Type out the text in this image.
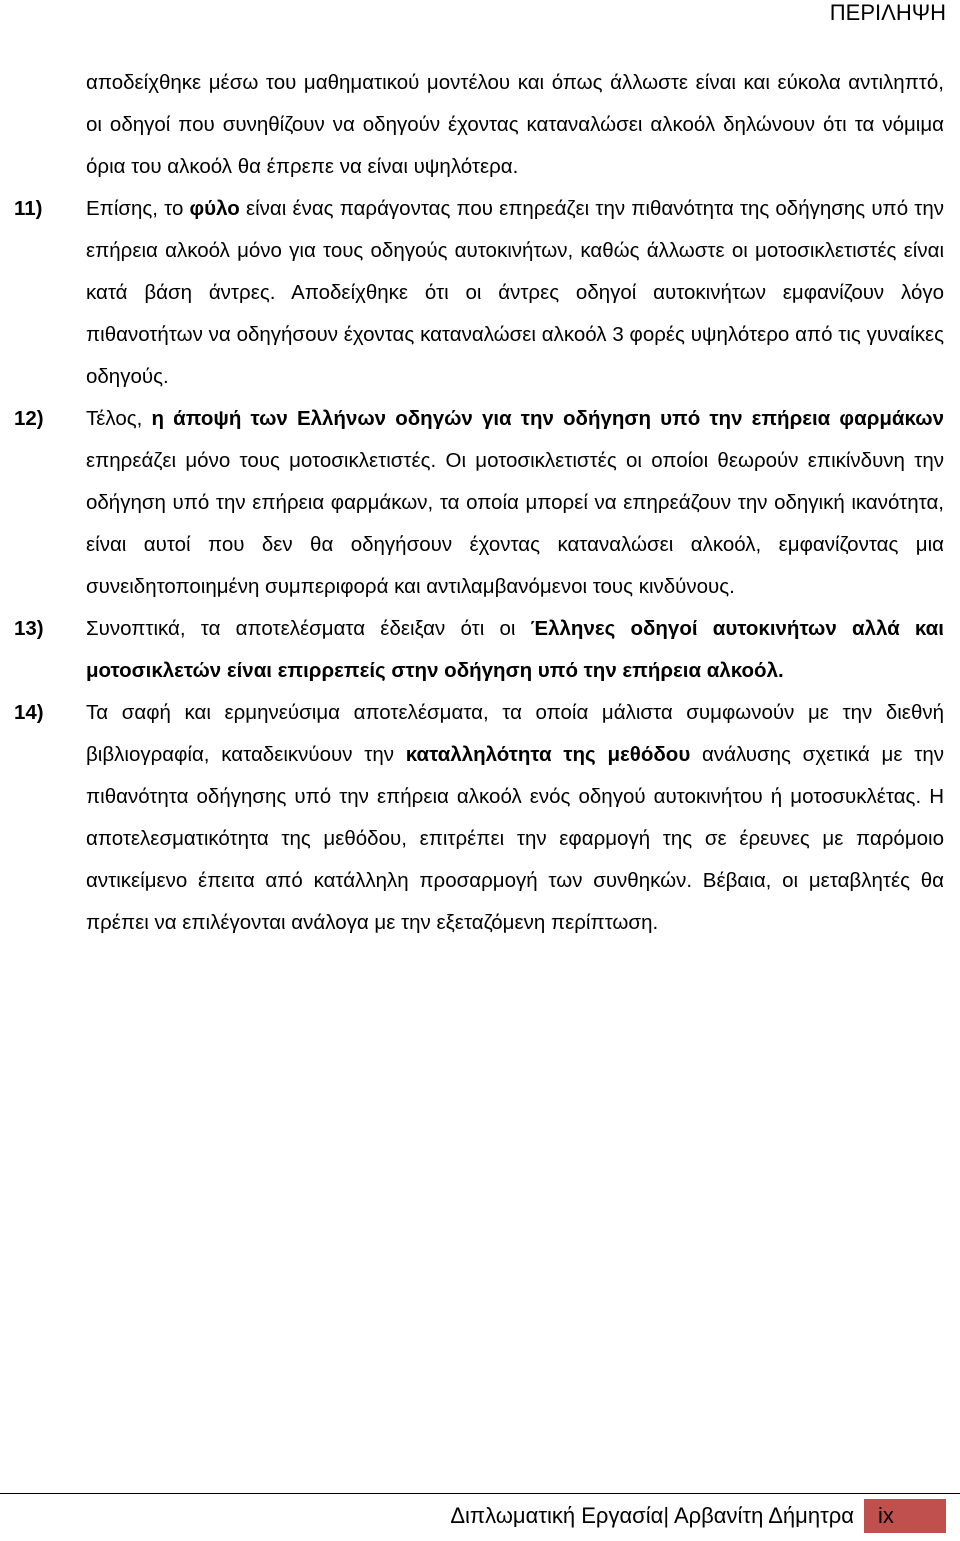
ΠΕΡΙΛΗΨΗ
αποδείχθηκε μέσω του μαθηματικού μοντέλου και όπως άλλωστε είναι και εύκολα αντιληπτό, οι οδηγοί που συνηθίζουν να οδηγούν έχοντας καταναλώσει αλκοόλ δηλώνουν ότι τα νόμιμα όρια του αλκοόλ θα έπρεπε να είναι υψηλότερα.
11)	Επίσης, το φύλο είναι ένας παράγοντας που επηρεάζει την πιθανότητα της οδήγησης υπό την επήρεια αλκοόλ μόνο για τους οδηγούς αυτοκινήτων, καθώς άλλωστε οι μοτοσικλετιστές είναι κατά βάση άντρες. Αποδείχθηκε ότι οι άντρες οδηγοί αυτοκινήτων εμφανίζουν λόγο πιθανοτήτων να οδηγήσουν έχοντας καταναλώσει αλκοόλ 3 φορές υψηλότερο από τις γυναίκες οδηγούς.
12)	Τέλος, η άποψή των Ελλήνων οδηγών για την οδήγηση υπό την επήρεια φαρμάκων επηρεάζει μόνο τους μοτοσικλετιστές. Οι μοτοσικλετιστές οι οποίοι θεωρούν επικίνδυνη την οδήγηση υπό την επήρεια φαρμάκων, τα οποία μπορεί να επηρεάζουν την οδηγική ικανότητα, είναι αυτοί που δεν θα οδηγήσουν έχοντας καταναλώσει αλκοόλ, εμφανίζοντας μια συνειδητοποιημένη συμπεριφορά και αντιλαμβανόμενοι τους κινδύνους.
13)	Συνοπτικά, τα αποτελέσματα έδειξαν ότι οι Έλληνες οδηγοί αυτοκινήτων αλλά και μοτοσικλετών είναι επιρρεπείς στην οδήγηση υπό την επήρεια αλκοόλ.
14)	Τα σαφή και ερμηνεύσιμα αποτελέσματα, τα οποία μάλιστα συμφωνούν με την διεθνή βιβλιογραφία, καταδεικνύουν την καταλληλότητα της μεθόδου ανάλυσης σχετικά με την πιθανότητα οδήγησης υπό την επήρεια αλκοόλ ενός οδηγού αυτοκινήτου ή μοτοσυκλέτας. Η αποτελεσματικότητα της μεθόδου, επιτρέπει την εφαρμογή της σε έρευνες με παρόμοιο αντικείμενο έπειτα από κατάλληλη προσαρμογή των συνθηκών. Βέβαια, οι μεταβλητές θα πρέπει να επιλέγονται ανάλογα με την εξεταζόμενη περίπτωση.
Διπλωματική Εργασία| Αρβανίτη Δήμητρα	ix
